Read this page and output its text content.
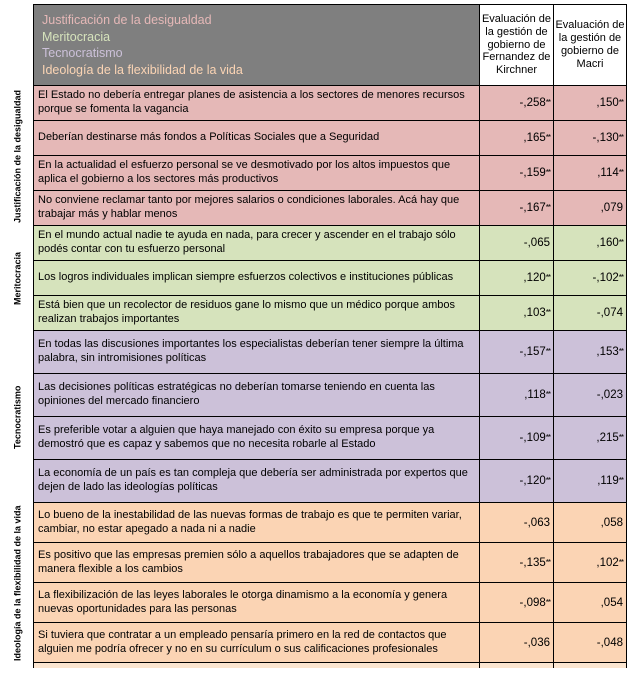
Justificación de la desigualdad
Meritocracia
Tecnocratismo
Ideología de la flexibilidad de la vida
Evaluación de la gestión de gobierno de Fernandez de Kirchner
Evaluación de la gestión de gobierno de Macri
Justificación de la desigualdad	El Estado no debería entregar planes de asistencia a los sectores de menores recursos porque se fomenta la vagancia	-,258 **	,150 **
Deberían destinarse más fondos a Políticas Sociales que a Seguridad	,165 **	-,130 **
En la actualidad el esfuerzo personal se ve desmotivado por los altos impuestos que aplica el gobierno a los sectores más productivos	-,159 **	,114 **
No conviene reclamar tanto por mejores salarios o condiciones laborales. Acá hay que trabajar más y hablar menos	-,167 **	,079
Meritocracia
En el mundo actual nadie te ayuda en nada, para crecer y ascender en el trabajo sólo podés contar con tu esfuerzo personal	-,065	,160 **
Los logros individuales implican siempre esfuerzos colectivos e instituciones públicas	,120 **	-,102 **
Está bien que un recolector de residuos gane lo mismo que un médico porque ambos realizan trabajos importantes	,103 **	-,074
Tecnocratismo
En todas las discusiones importantes los especialistas deberían tener siempre la última palabra, sin intromisiones políticas	-,157 **	,153 **
Las decisiones políticas estratégicas no deberían tomarse teniendo en cuenta las opiniones del mercado financiero	,118 **	-,023
Es preferible votar a alguien que haya manejado con éxito su empresa porque ya demostró que es capaz y sabemos que no necesita robarle al Estado	-,109 **	,215 **
La economía de un país es tan compleja que debería ser administrada por expertos que dejen de lado las ideologías políticas	-,120 **	,119 **
Ideología de la flexibilidad de la vida	Lo bueno de la inestabilidad de las nuevas formas de trabajo es que te permiten variar, cambiar, no estar apegado a nada ni a nadie	-,063	,058
Es positivo que las empresas premien sólo a aquellos trabajadores que se adapten de manera flexible a los cambios	-,135 **	,102 **
La flexibilización de las leyes laborales le otorga dinamismo a la economía y genera nuevas oportunidades para las personas	-,098 **	,054
Si tuviera que contratar a un empleado pensaría primero en la red de contactos que alguien me podría ofrecer y no en su currículum o sus calificaciones profesionales	-,036	-,048
